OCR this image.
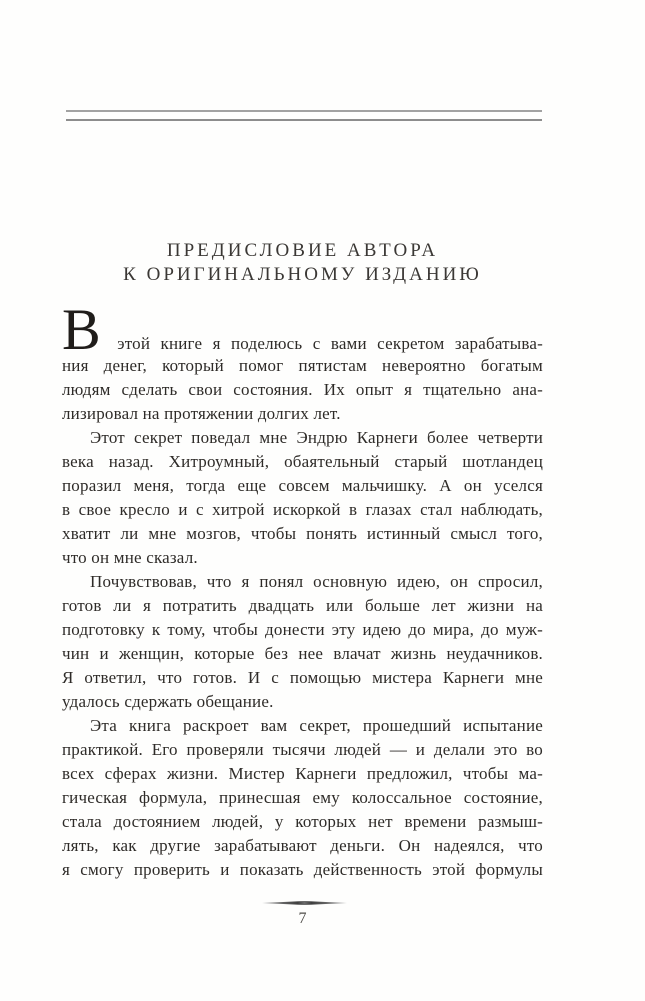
ПРЕДИСЛОВИЕ АВТОРА
К ОРИГИНАЛЬНОМУ ИЗДАНИЮ
В этой книге я поделюсь с вами секретом зарабатыва-
ния денег, который помог пятистам невероятно богатым
людям сделать свои состояния. Их опыт я тщательно ана-
лизировал на протяжении долгих лет.
Этот секрет поведал мне Эндрю Карнеги более четверти
века назад. Хитроумный, обаятельный старый шотландец
поразил меня, тогда еще совсем мальчишку. А он уселся
в свое кресло и с хитрой искоркой в глазах стал наблюдать,
хватит ли мне мозгов, чтобы понять истинный смысл того,
что он мне сказал.
Почувствовав, что я понял основную идею, он спросил,
готов ли я потратить двадцать или больше лет жизни на
подготовку к тому, чтобы донести эту идею до мира, до муж-
чин и женщин, которые без нее влачат жизнь неудачников.
Я ответил, что готов. И с помощью мистера Карнеги мне
удалось сдержать обещание.
Эта книга раскроет вам секрет, прошедший испытание
практикой. Его проверяли тысячи людей — и делали это во
всех сферах жизни. Мистер Карнеги предложил, чтобы ма-
гическая формула, принесшая ему колоссальное состояние,
стала достоянием людей, у которых нет времени размыш-
лять, как другие зарабатывают деньги. Он надеялся, что
я смогу проверить и показать действенность этой формулы
7
